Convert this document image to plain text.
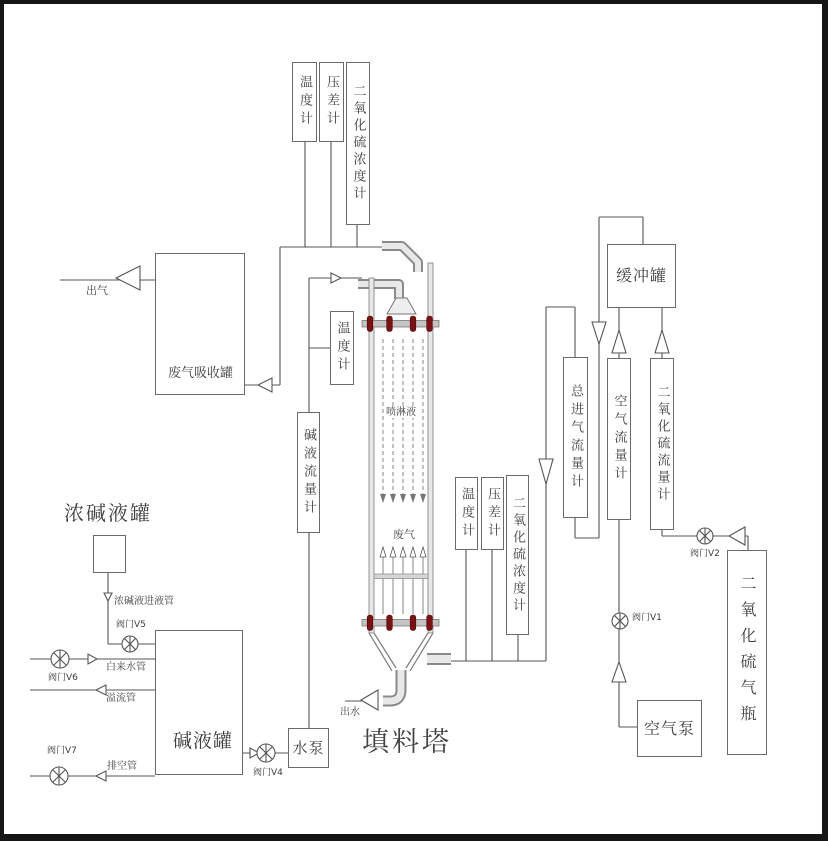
温度计 压差计 二氧化硫浓度计
温度计
碱液流量计	温度计 压差计 二氧化硫浓度计
总进气流量计	空气流量计	二氧化硫流量计
缓冲罐
空气泵	二氧化硫气瓶
水泵
废气吸收罐
碱液罐
浓碱液罐
填料塔
出气
出水
喷淋液
废气
浓碱液进液管
白来水管
溢流管
排空管
阀门V5
阀门V6
阀门V7
阀门V4
阀门V1
阀门V2
